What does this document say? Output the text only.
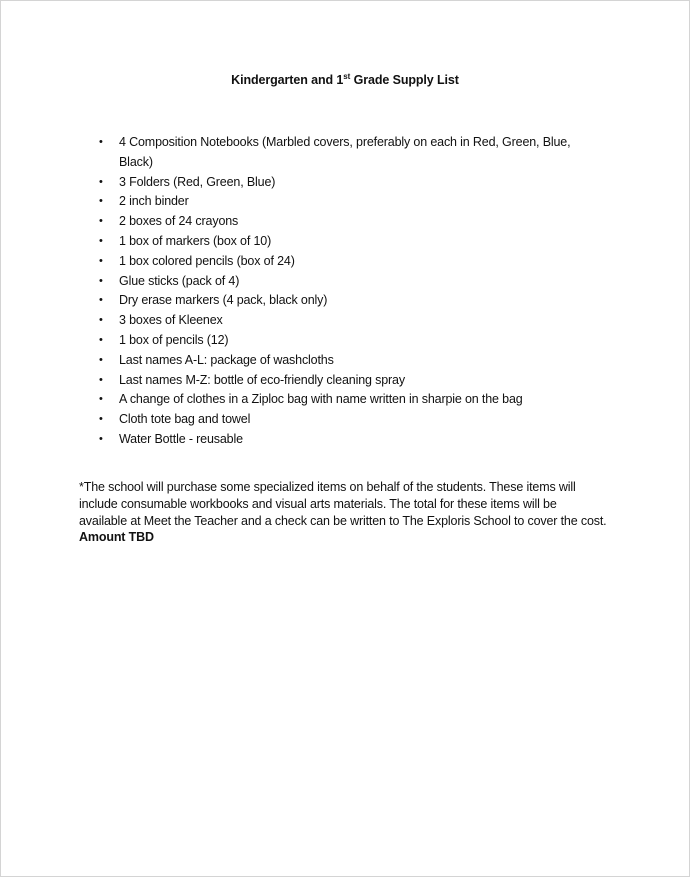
Kindergarten and 1st Grade Supply List
• 4 Composition Notebooks (Marbled covers, preferably on each in Red, Green, Blue, Black)
• 3 Folders (Red, Green, Blue)
• 2 inch binder
• 2 boxes of 24 crayons
• 1 box of markers (box of 10)
• 1 box colored pencils (box of 24)
• Glue sticks (pack of 4)
• Dry erase markers (4 pack, black only)
• 3 boxes of Kleenex
• 1 box of pencils (12)
• Last names A-L: package of washcloths
• Last names M-Z: bottle of eco-friendly cleaning spray
• A change of clothes in a Ziploc bag with name written in sharpie on the bag
• Cloth tote bag and towel
• Water Bottle - reusable

*The school will purchase some specialized items on behalf of the students. These items will include consumable workbooks and visual arts materials. The total for these items will be available at Meet the Teacher and a check can be written to The Exploris School to cover the cost. Amount TBD
